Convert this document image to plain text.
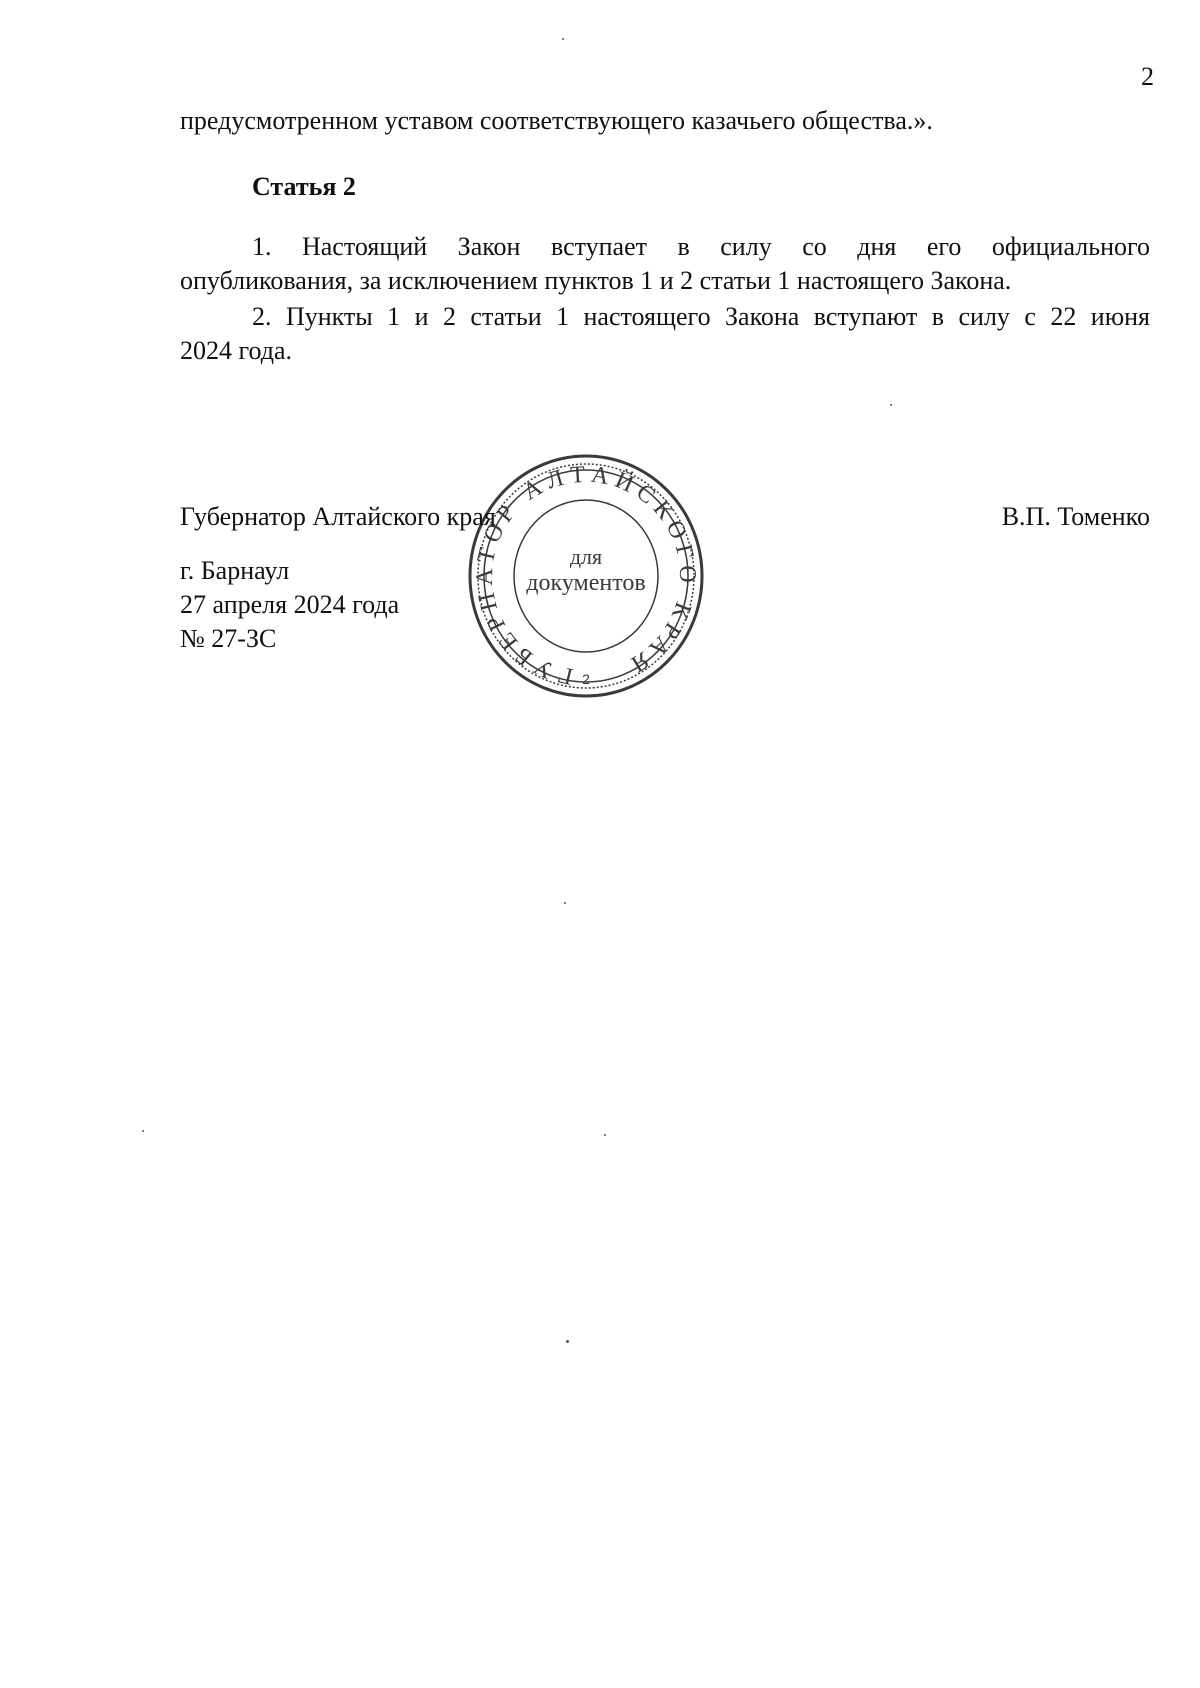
2
предусмотренном уставом соответствующего казачьего общества.».
Статья 2
1. Настоящий Закон вступает в силу со дня его официального
опубликования, за исключением пунктов 1 и 2 статьи 1 настоящего Закона.
2. Пункты 1 и 2 статьи 1 настоящего Закона вступают в силу с 22 июня
2024 года.
ГУБЕРНАТОР АЛТАЙСКОГО КРАЯ
для
документов
2
Губернатор Алтайского края	В.П. Томенко
г. Барнаул
27 апреля 2024 года
№ 27-ЗС
